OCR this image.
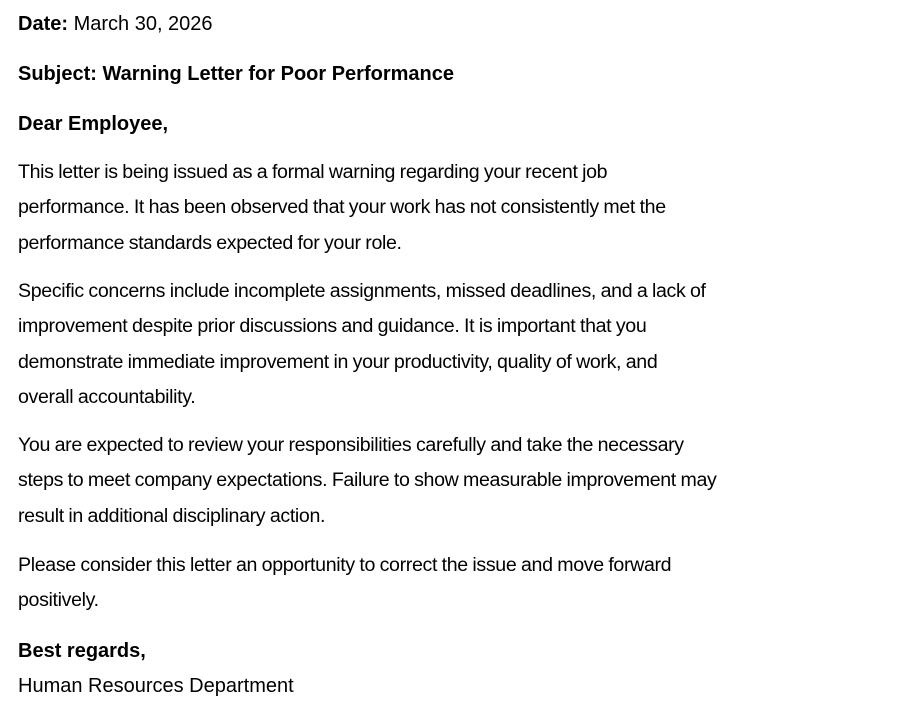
Date: March 30, 2026
Subject: Warning Letter for Poor Performance
Dear Employee,
This letter is being issued as a formal warning regarding your recent job
performance. It has been observed that your work has not consistently met the
performance standards expected for your role.
Specific concerns include incomplete assignments, missed deadlines, and a lack of
improvement despite prior discussions and guidance. It is important that you
demonstrate immediate improvement in your productivity, quality of work, and
overall accountability.
You are expected to review your responsibilities carefully and take the necessary
steps to meet company expectations. Failure to show measurable improvement may
result in additional disciplinary action.
Please consider this letter an opportunity to correct the issue and move forward
positively.
Best regards,
Human Resources Department
